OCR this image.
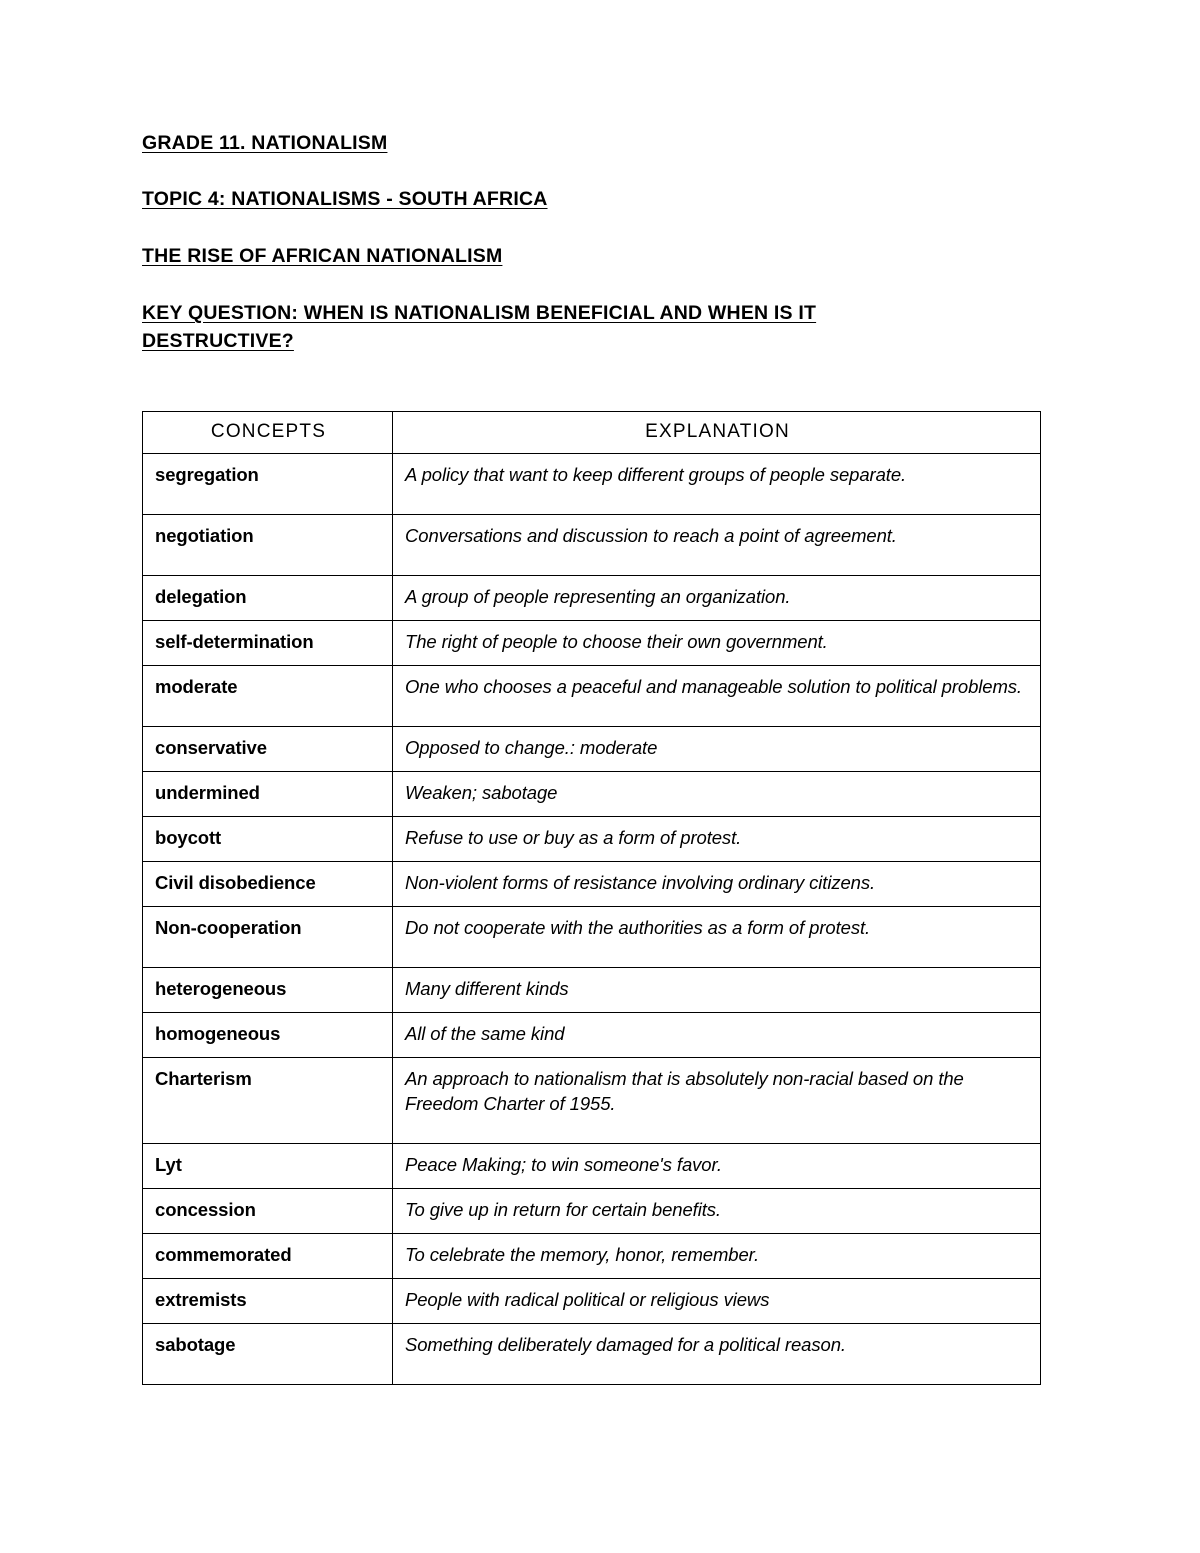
GRADE 11. NATIONALISM
TOPIC 4: NATIONALISMS - SOUTH AFRICA
THE RISE OF AFRICAN NATIONALISM
KEY QUESTION: WHEN IS NATIONALISM BENEFICIAL AND WHEN IS IT DESTRUCTIVE?
CONCEPTS	EXPLANATION
segregation	A policy that want to keep different groups of people separate.
negotiation	Conversations and discussion to reach a point of agreement.
delegation	A group of people representing an organization.
self-determination	The right of people to choose their own government.
moderate	One who chooses a peaceful and manageable solution to political problems.
conservative	Opposed to change.: moderate
undermined	Weaken; sabotage
boycott	Refuse to use or buy as a form of protest.
Civil disobedience	Non-violent forms of resistance involving ordinary citizens.
Non-cooperation	Do not cooperate with the authorities as a form of protest.
heterogeneous	Many different kinds
homogeneous	All of the same kind
Charterism	An approach to nationalism that is absolutely non-racial based on the Freedom Charter of 1955.
Lyt	Peace Making; to win someone's favor.
concession	To give up in return for certain benefits.
commemorated	To celebrate the memory, honor, remember.
extremists	People with radical political or religious views
sabotage	Something deliberately damaged for a political reason.
